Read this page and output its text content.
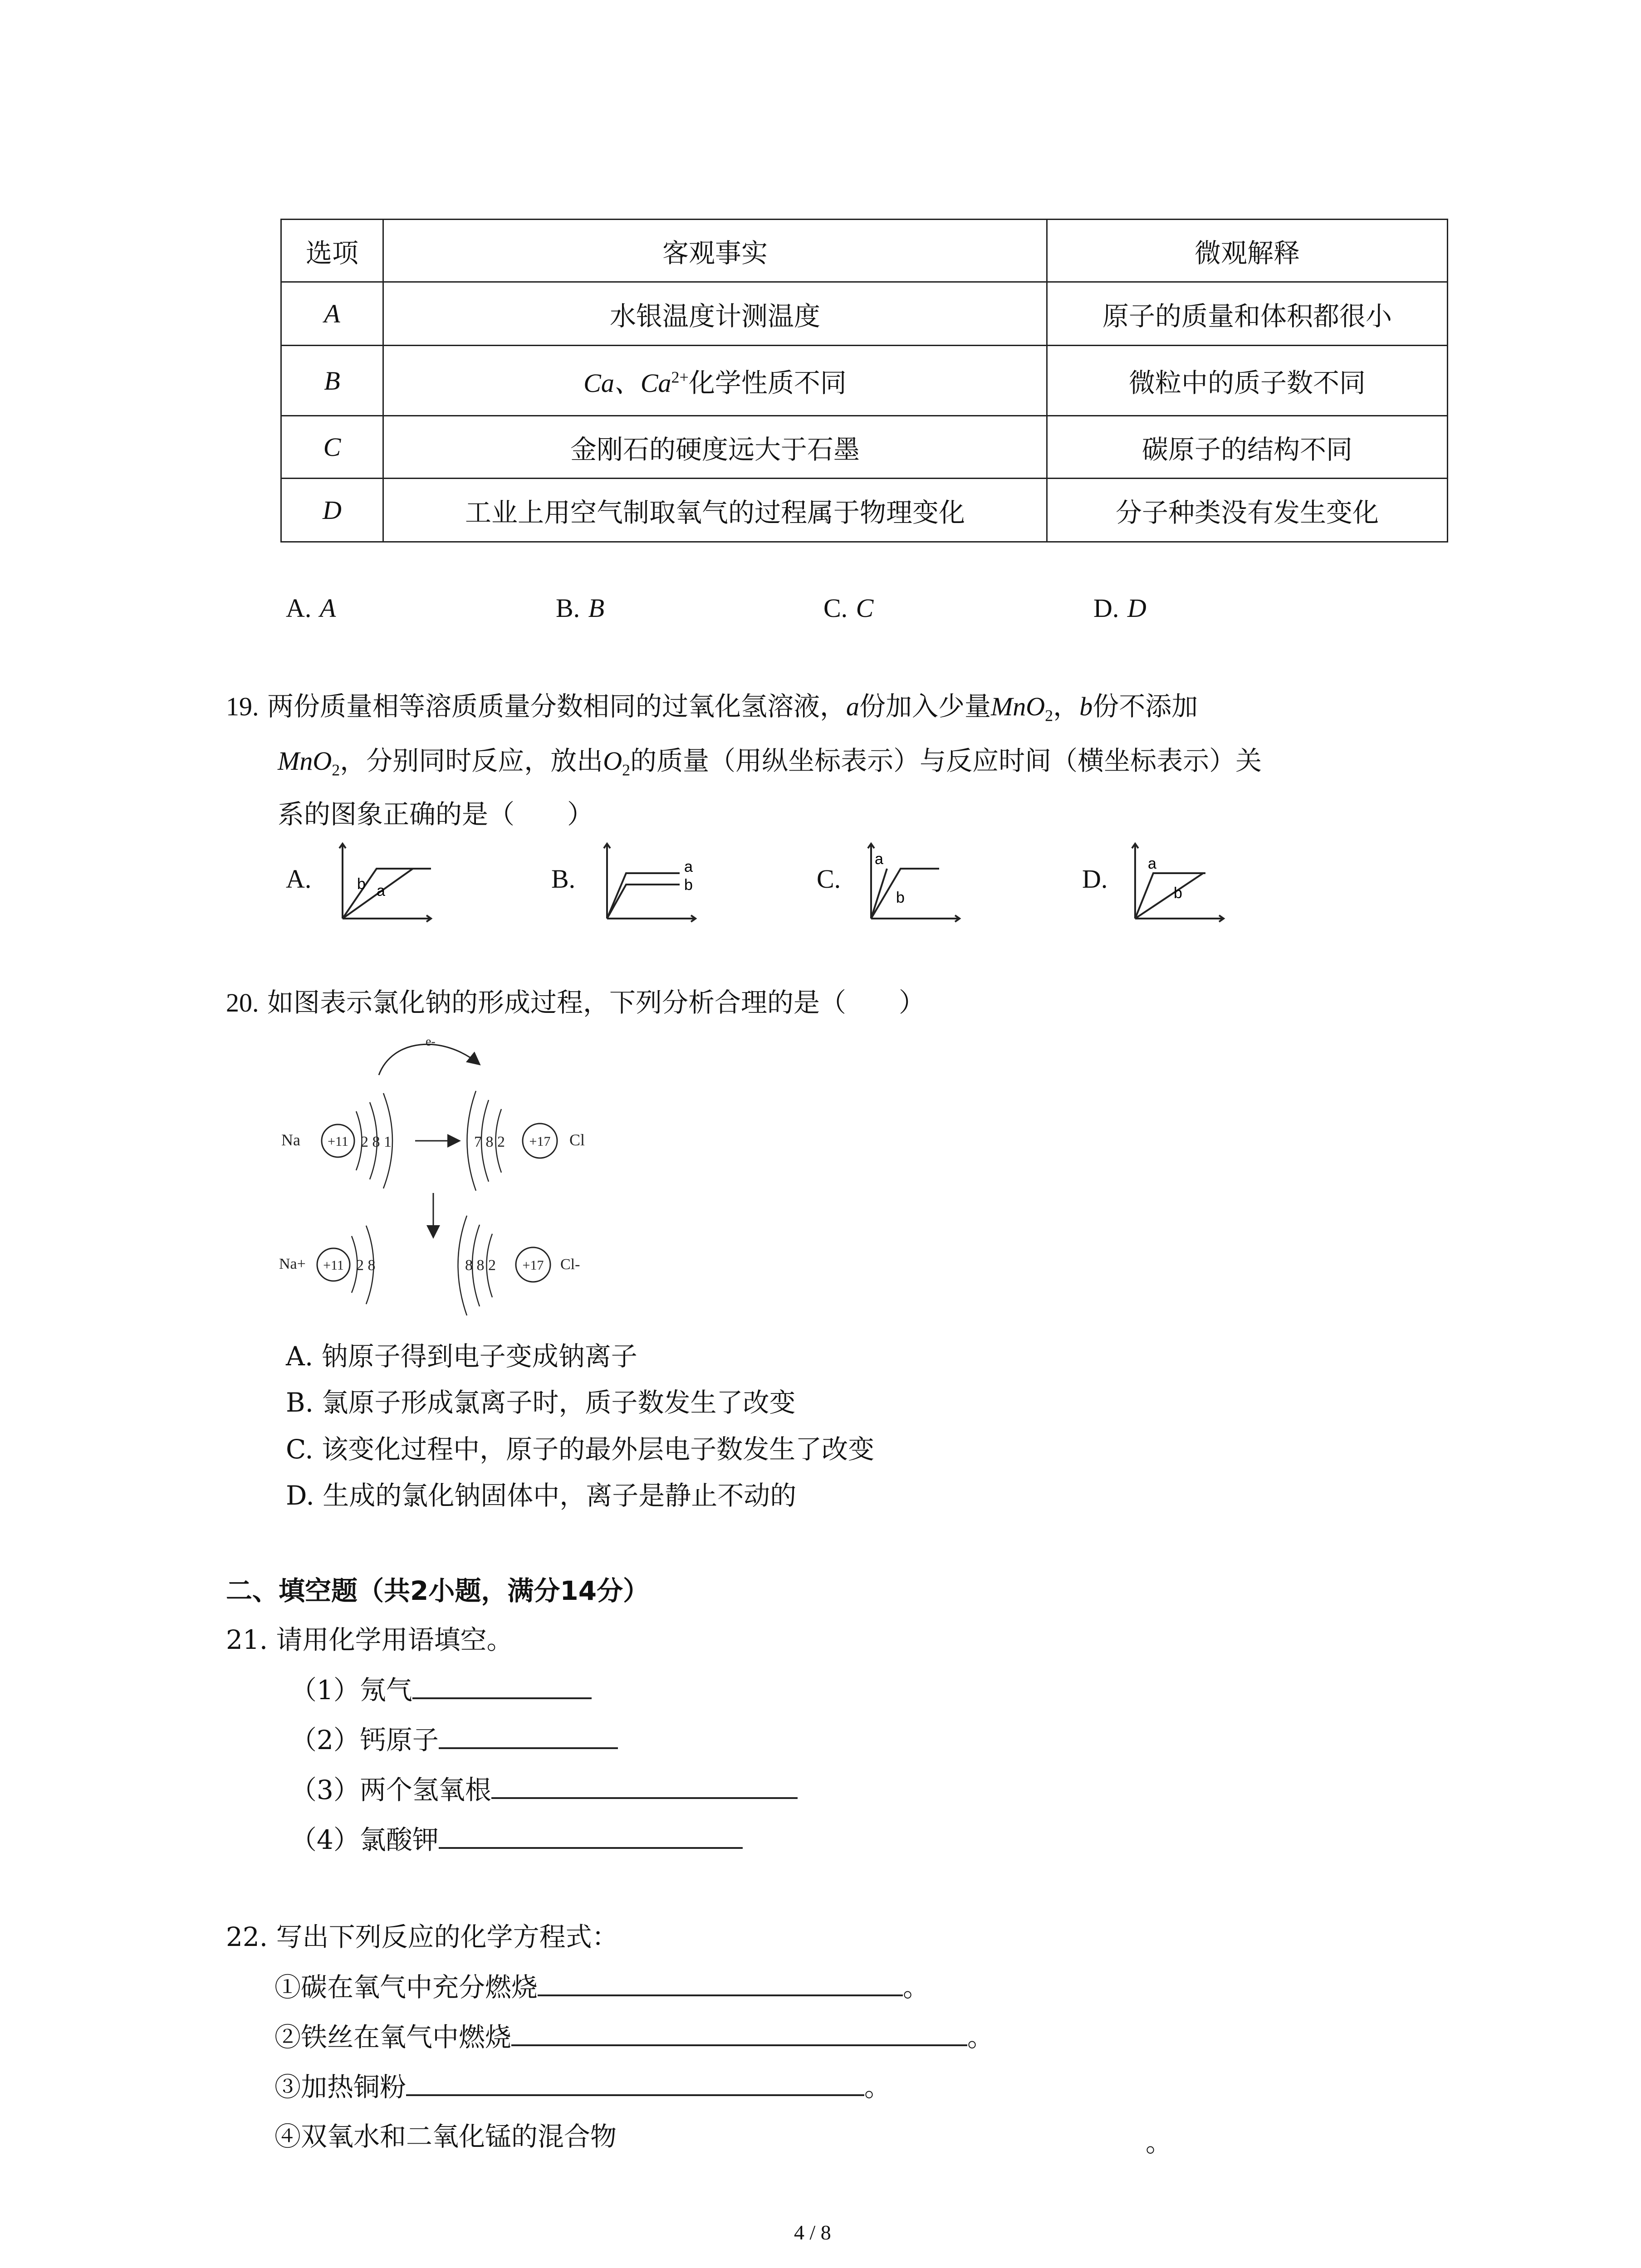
选项	客观事实	微观解释
A	水银温度计测温度	原子的质量和体积都很小
B	Ca、$Ca^{2+}$化学性质不同	微粒中的质子数不同
C	金刚石的硬度远大于石墨	碳原子的结构不同
D	工业上用空气制取氧气的过程属于物理变化	分子种类没有发生变化
A. A	B. B	C. C	D. D
19. 两份质量相等溶质质量分数相同的过氧化氢溶液，a份加入少量MnO$_2$，b份不添加
MnO$_2$，分别同时反应，放出$O_2$的质量（用纵坐标表示）与反应时间（横坐标表示）关
系的图象正确的是（　　）
A.	b a	B.	a
b	C.
a
b
D.
a
b
20. 如图表示氯化钠的形成过程，下列分析合理的是（　　）
e-
Na +11 2 8 1	7 8 2 +17 Cl
Na+ +11 2 8	8 8 2 +17 Cl-
A. 钠原子得到电子变成钠离子
B. 氯原子形成氯离子时，质子数发生了改变
C. 该变化过程中，原子的最外层电子数发生了改变
D. 生成的氯化钠固体中，离子是静止不动的
二、填空题（共2小题，满分14分）
21. 请用化学用语填空。
（1）氖气
（2）钙原子
（3）两个氢氧根
（4）氯酸钾
22. 写出下列反应的化学方程式：
①碳在氧气中充分燃烧	。
②铁丝在氧气中燃烧	。
③加热铜粉	。
④双氧水和二氧化锰的混合物	。
4 / 8
